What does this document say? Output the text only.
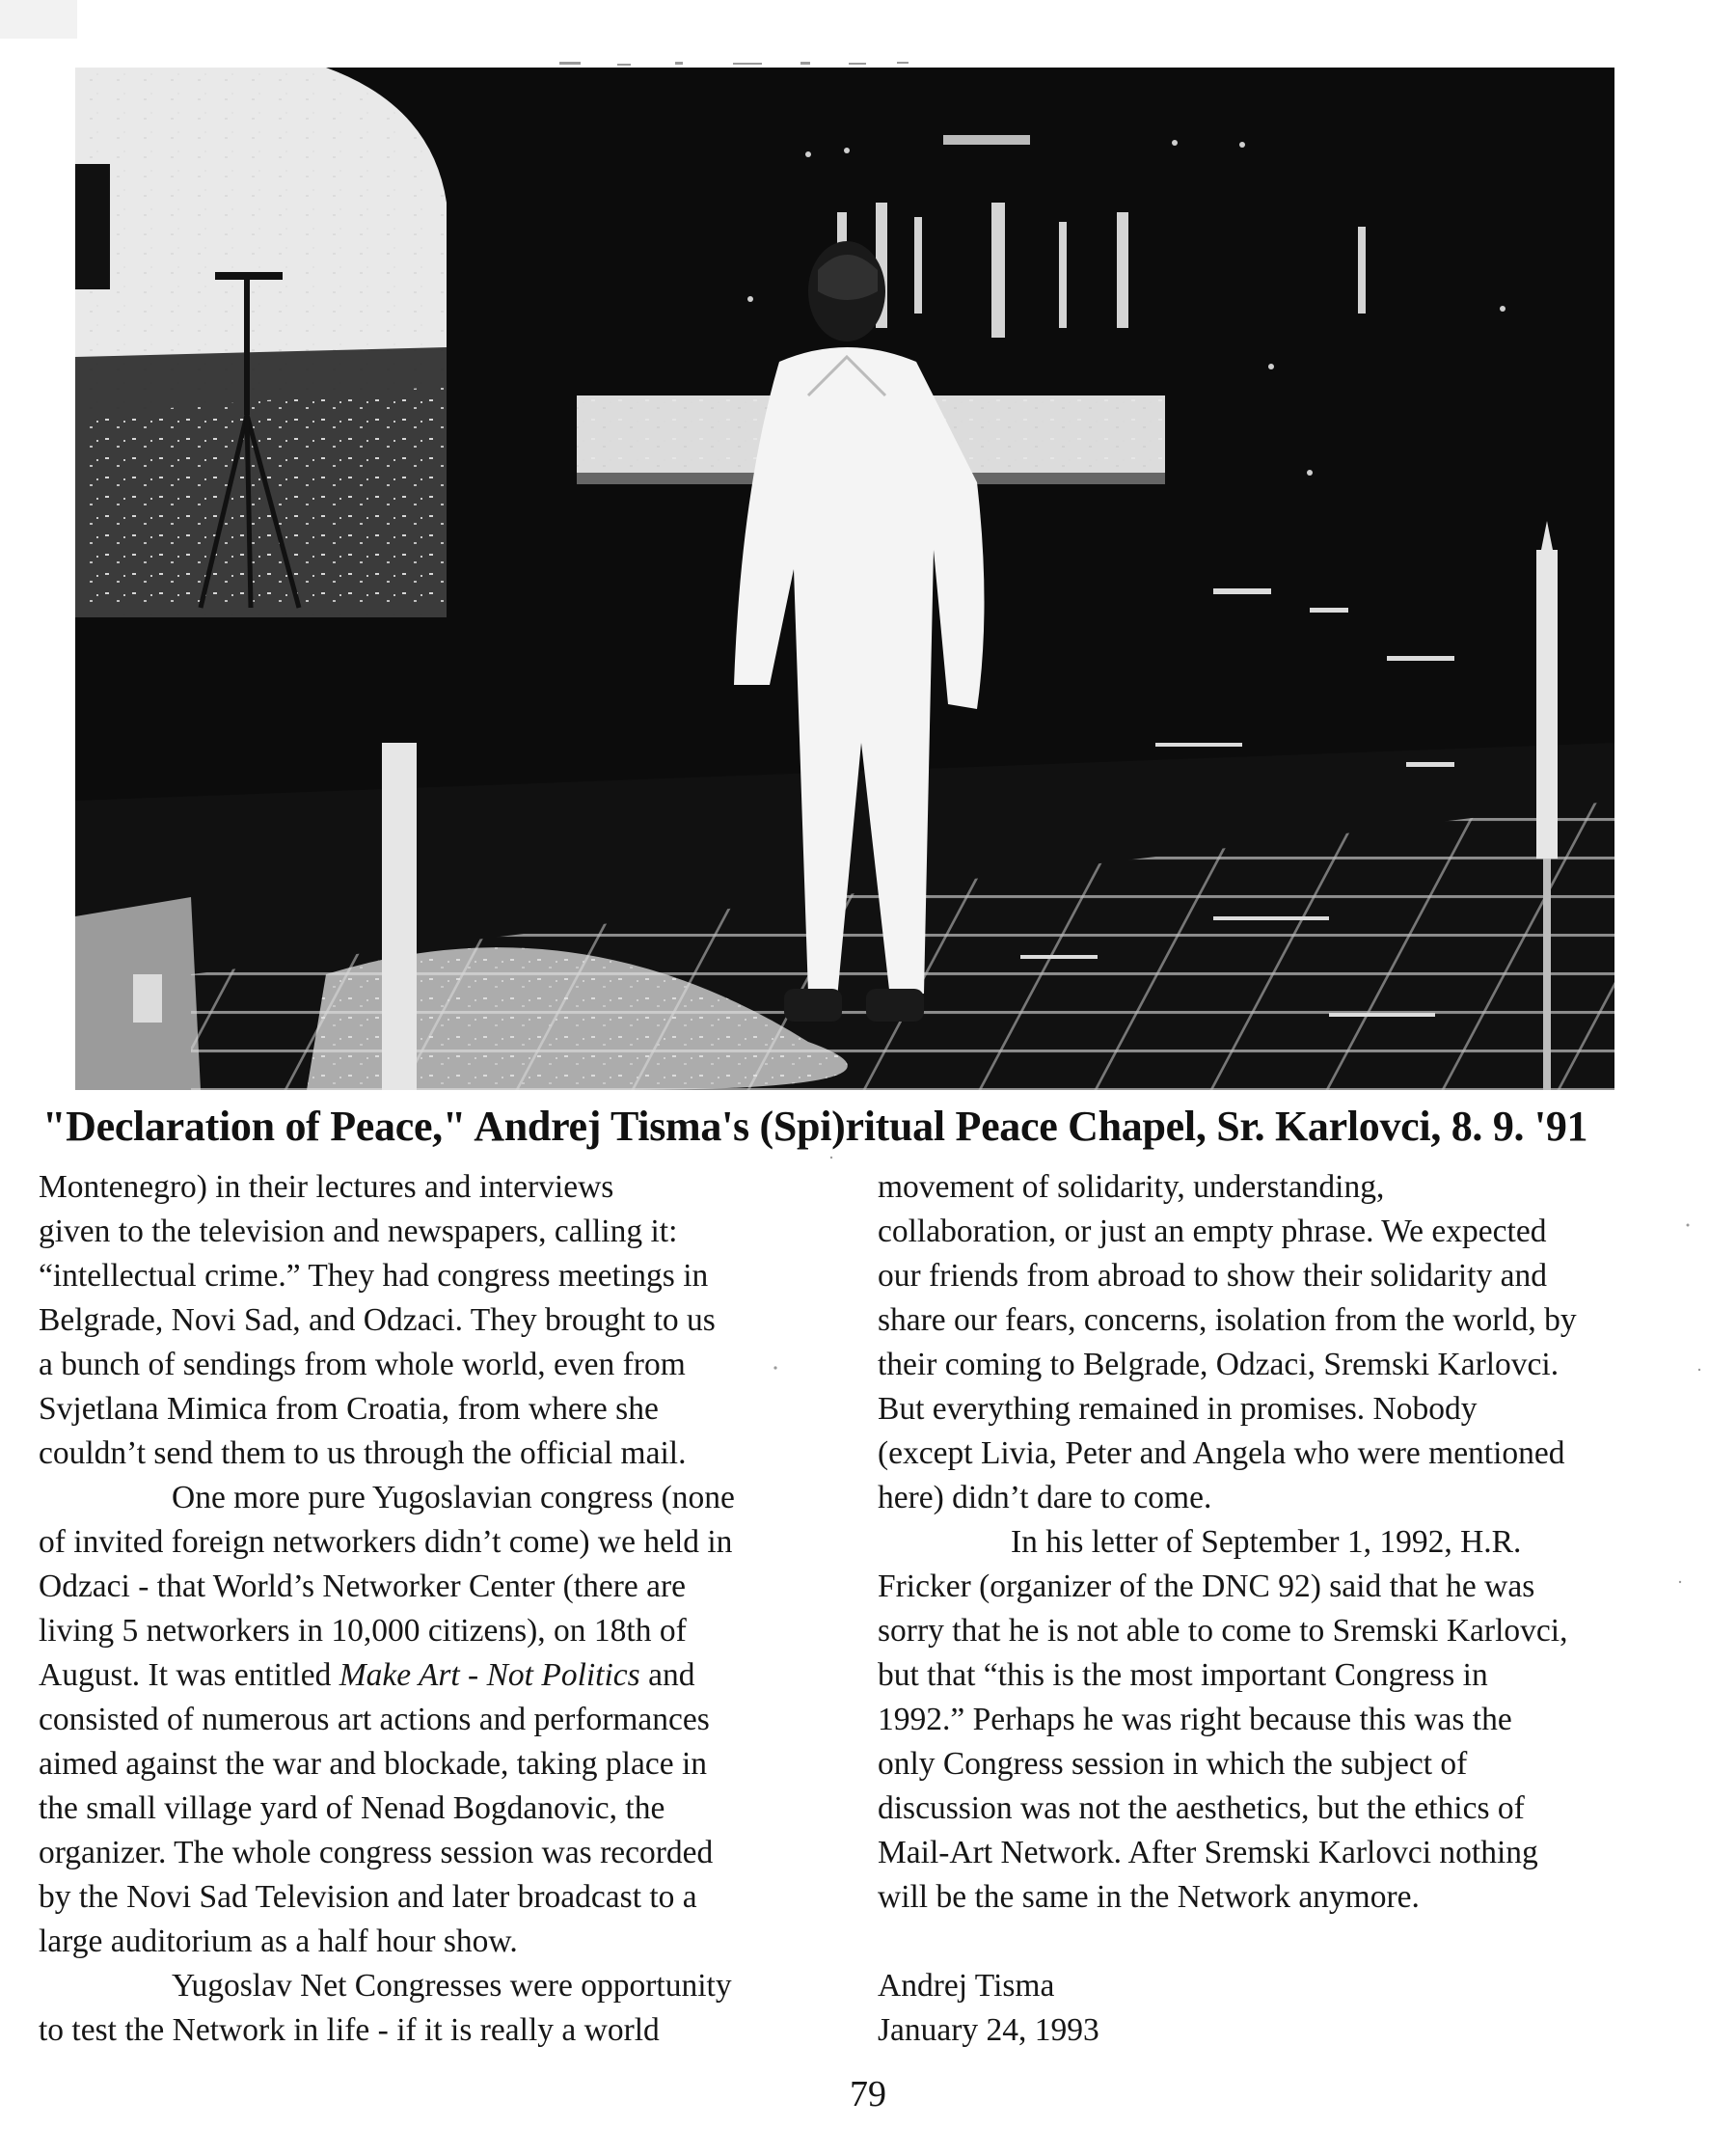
"Declaration of Peace," Andrej Tisma's (Spi)ritual Peace Chapel, Sr. Karlovci, 8. 9. '91
Montenegro) in their lectures and interviews
given to the television and newspapers, calling it:
“intellectual crime.” They had congress meetings in
Belgrade, Novi Sad, and Odzaci. They brought to us
a bunch of sendings from whole world, even from
Svjetlana Mimica from Croatia, from where she
couldn’t send them to us through the official mail.
One more pure Yugoslavian congress (none
of invited foreign networkers didn’t come) we held in
Odzaci - that World’s Networker Center (there are
living 5 networkers in 10,000 citizens), on 18th of
August. It was entitled Make Art - Not Politics and
consisted of numerous art actions and performances
aimed against the war and blockade, taking place in
the small village yard of Nenad Bogdanovic, the
organizer. The whole congress session was recorded
by the Novi Sad Television and later broadcast to a
large auditorium as a half hour show.
Yugoslav Net Congresses were opportunity
to test the Network in life - if it is really a world
movement of solidarity, understanding,
collaboration, or just an empty phrase. We expected
our friends from abroad to show their solidarity and
share our fears, concerns, isolation from the world, by
their coming to Belgrade, Odzaci, Sremski Karlovci.
But everything remained in promises. Nobody
(except Livia, Peter and Angela who were mentioned
here) didn’t dare to come.
In his letter of September 1, 1992, H.R.
Fricker (organizer of the DNC 92) said that he was
sorry that he is not able to come to Sremski Karlovci,
but that “this is the most important Congress in
1992.” Perhaps he was right because this was the
only Congress session in which the subject of
discussion was not the aesthetics, but the ethics of
Mail-Art Network. After Sremski Karlovci nothing
will be the same in the Network anymore.
Andrej Tisma
January 24, 1993
79
